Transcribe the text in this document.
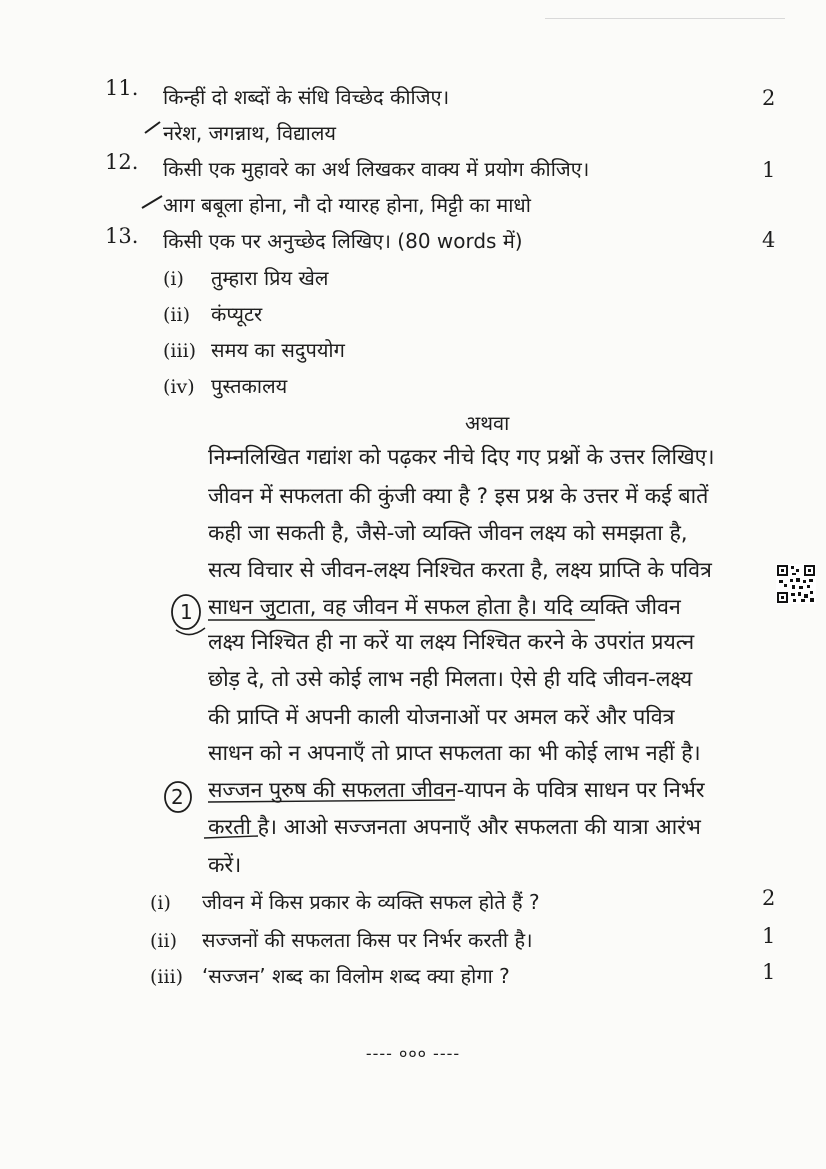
11. किन्हीं दो शब्दों के संधि विच्छेद कीजिए।	2
नरेश, जगन्नाथ, विद्यालय
12. किसी एक मुहावरे का अर्थ लिखकर वाक्य में प्रयोग कीजिए।	1
आग बबूला होना, नौ दो ग्यारह होना, मिट्टी का माधो
13. किसी एक पर अनुच्छेद लिखिए। (80 words में)	4
(i) तुम्हारा प्रिय खेल
(ii) कंप्यूटर
(iii) समय का सदुपयोग
(iv) पुस्तकालय
अथवा
निम्नलिखित गद्यांश को पढ़कर नीचे दिए गए प्रश्नों के उत्तर लिखिए।
जीवन में सफलता की कुंजी क्या है ? इस प्रश्न के उत्तर में कई बातें
कही जा सकती है, जैसे-जो व्यक्ति जीवन लक्ष्य को समझता है,
सत्य विचार से जीवन-लक्ष्य निश्चित करता है, लक्ष्य प्राप्ति के पवित्र
साधन जुटाता, वह जीवन में सफल होता है। यदि व्यक्ति जीवन
लक्ष्य निश्चित ही ना करें या लक्ष्य निश्चित करने के उपरांत प्रयत्न
छोड़ दे, तो उसे कोई लाभ नही मिलता। ऐसे ही यदि जीवन-लक्ष्य
की प्राप्ति में अपनी काली योजनाओं पर अमल करें और पवित्र
साधन को न अपनाएँ तो प्राप्त सफलता का भी कोई लाभ नहीं है।
सज्जन पुरुष की सफलता जीवन-यापन के पवित्र साधन पर निर्भर
करती है। आओ सज्जनता अपनाएँ और सफलता की यात्रा आरंभ
करें।
(i) जीवन में किस प्रकार के व्यक्ति सफल होते हैं ?	2
(ii) सज्जनों की सफलता किस पर निर्भर करती है।	1
(iii) ‘सज्जन’ शब्द का विलोम शब्द क्या होगा ?	1
1
2
---- ००० ----
